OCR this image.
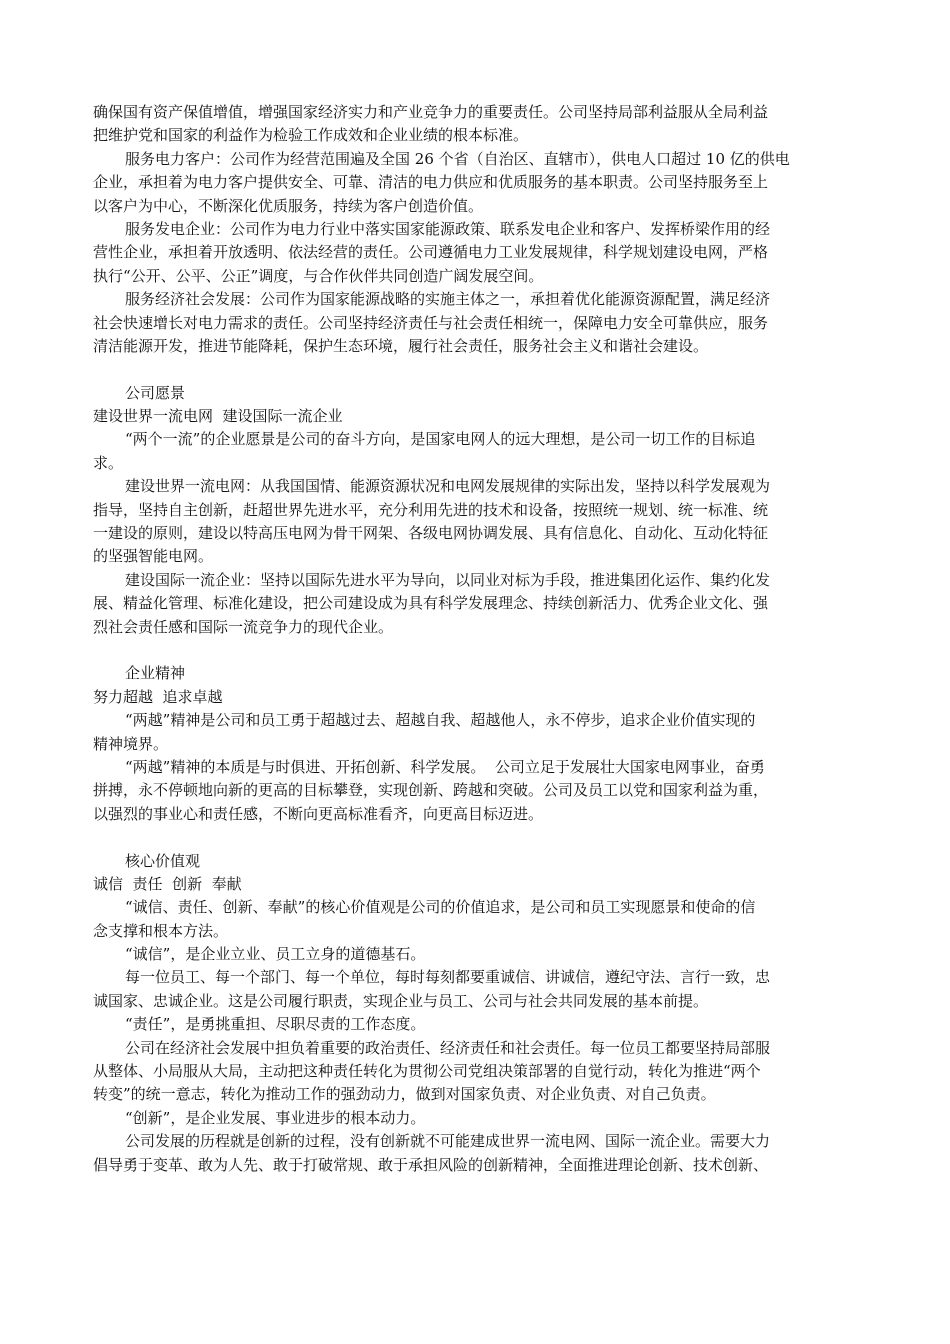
确保国有资产保值增值，增强国家经济实力和产业竞争力的重要责任。公司坚持局部利益服从全局利益
把维护党和国家的利益作为检验工作成效和企业业绩的根本标准。
服务电力客户：公司作为经营范围遍及全国 26 个省（自治区、直辖市），供电人口超过 10 亿的供电
企业，承担着为电力客户提供安全、可靠、清洁的电力供应和优质服务的基本职责。公司坚持服务至上
以客户为中心，不断深化优质服务，持续为客户创造价值。
服务发电企业：公司作为电力行业中落实国家能源政策、联系发电企业和客户、发挥桥梁作用的经
营性企业，承担着开放透明、依法经营的责任。公司遵循电力工业发展规律，科学规划建设电网，严格
执行“公开、公平、公正”调度，与合作伙伴共同创造广阔发展空间。
服务经济社会发展：公司作为国家能源战略的实施主体之一，承担着优化能源资源配置，满足经济
社会快速增长对电力需求的责任。公司坚持经济责任与社会责任相统一，保障电力安全可靠供应，服务
清洁能源开发，推进节能降耗，保护生态环境，履行社会责任，服务社会主义和谐社会建设。
公司愿景
建设世界一流电网  建设国际一流企业
“两个一流”的企业愿景是公司的奋斗方向，是国家电网人的远大理想，是公司一切工作的目标追
求。
建设世界一流电网：从我国国情、能源资源状况和电网发展规律的实际出发，坚持以科学发展观为
指导，坚持自主创新，赶超世界先进水平，充分利用先进的技术和设备，按照统一规划、统一标准、统
一建设的原则，建设以特高压电网为骨干网架、各级电网协调发展、具有信息化、自动化、互动化特征
的坚强智能电网。
建设国际一流企业：坚持以国际先进水平为导向，以同业对标为手段，推进集团化运作、集约化发
展、精益化管理、标准化建设，把公司建设成为具有科学发展理念、持续创新活力、优秀企业文化、强
烈社会责任感和国际一流竞争力的现代企业。
企业精神
努力超越  追求卓越
“两越”精神是公司和员工勇于超越过去、超越自我、超越他人，永不停步，追求企业价值实现的
精神境界。
“两越”精神的本质是与时俱进、开拓创新、科学发展。  公司立足于发展壮大国家电网事业，奋勇
拼搏，永不停顿地向新的更高的目标攀登，实现创新、跨越和突破。公司及员工以党和国家利益为重，
以强烈的事业心和责任感，不断向更高标准看齐，向更高目标迈进。
核心价值观
诚信  责任  创新  奉献
“诚信、责任、创新、奉献”的核心价值观是公司的价值追求，是公司和员工实现愿景和使命的信
念支撑和根本方法。
“诚信”，是企业立业、员工立身的道德基石。
每一位员工、每一个部门、每一个单位，每时每刻都要重诚信、讲诚信，遵纪守法、言行一致，忠
诚国家、忠诚企业。这是公司履行职责，实现企业与员工、公司与社会共同发展的基本前提。
“责任”，是勇挑重担、尽职尽责的工作态度。
公司在经济社会发展中担负着重要的政治责任、经济责任和社会责任。每一位员工都要坚持局部服
从整体、小局服从大局，主动把这种责任转化为贯彻公司党组决策部署的自觉行动，转化为推进“两个
转变”的统一意志，转化为推动工作的强劲动力，做到对国家负责、对企业负责、对自己负责。
“创新”，是企业发展、事业进步的根本动力。
公司发展的历程就是创新的过程，没有创新就不可能建成世界一流电网、国际一流企业。需要大力
倡导勇于变革、敢为人先、敢于打破常规、敢于承担风险的创新精神，全面推进理论创新、技术创新、
